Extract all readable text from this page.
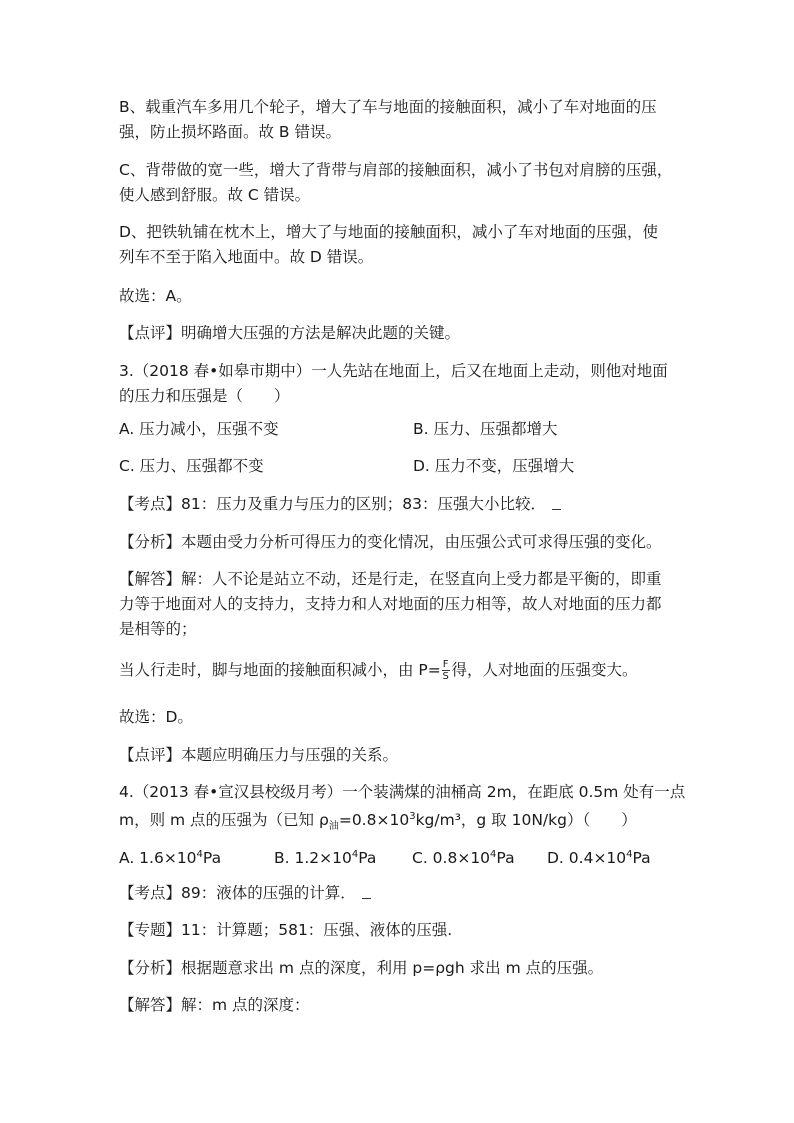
B、载重汽车多用几个轮子，增大了车与地面的接触面积，减小了车对地面的压

强，防止损坏路面。故 B 错误。

C、背带做的宽一些，增大了背带与肩部的接触面积，减小了书包对肩膀的压强，

使人感到舒服。故 C 错误。

D、把铁轨铺在枕木上，增大了与地面的接触面积，减小了车对地面的压强，使

列车不至于陷入地面中。故 D 错误。

故选：A。

【点评】明确增大压强的方法是解决此题的关键。

3.（2018 春•如皋市期中）一人先站在地面上，后又在地面上走动，则他对地面

的压力和压强是（　　）

A. 压力减小，压强不变	B. 压力、压强都增大
C. 压力、压强都不变	D. 压力不变，压强增大

【考点】81：压力及重力与压力的区别；83：压强大小比较．

【分析】本题由受力分析可得压力的变化情况，由压强公式可求得压强的变化。

【解答】解：人不论是站立不动，还是行走，在竖直向上受力都是平衡的，即重

力等于地面对人的支持力，支持力和人对地面的压力相等，故人对地面的压力都

是相等的；

当人行走时，脚与地面的接触面积减小，由 $P= \frac{F}{S}$ 得，人对地面的压强变大。

故选：D。

【点评】本题应明确压力与压强的关系。

4.（2013 春•宣汉县校级月考）一个装满煤的油桶高 2m，在距底 0.5m 处有一点

m，则 m 点的压强为（已知 $\rho_油=0.8\times 10^3kg/m^3$，g 取 10N/kg）（　　）

A. $1.6\times 10^4Pa$	B. $1.2\times 10^4Pa$ C. $0.8\times 10^4Pa$ D. $0.4\times 10^4Pa$

【考点】89：液体的压强的计算．

【专题】11：计算题；581：压强、液体的压强.

【分析】根据题意求出 m 点的深度，利用 p=ρgh 求出 m 点的压强。

【解答】解：m 点的深度：
